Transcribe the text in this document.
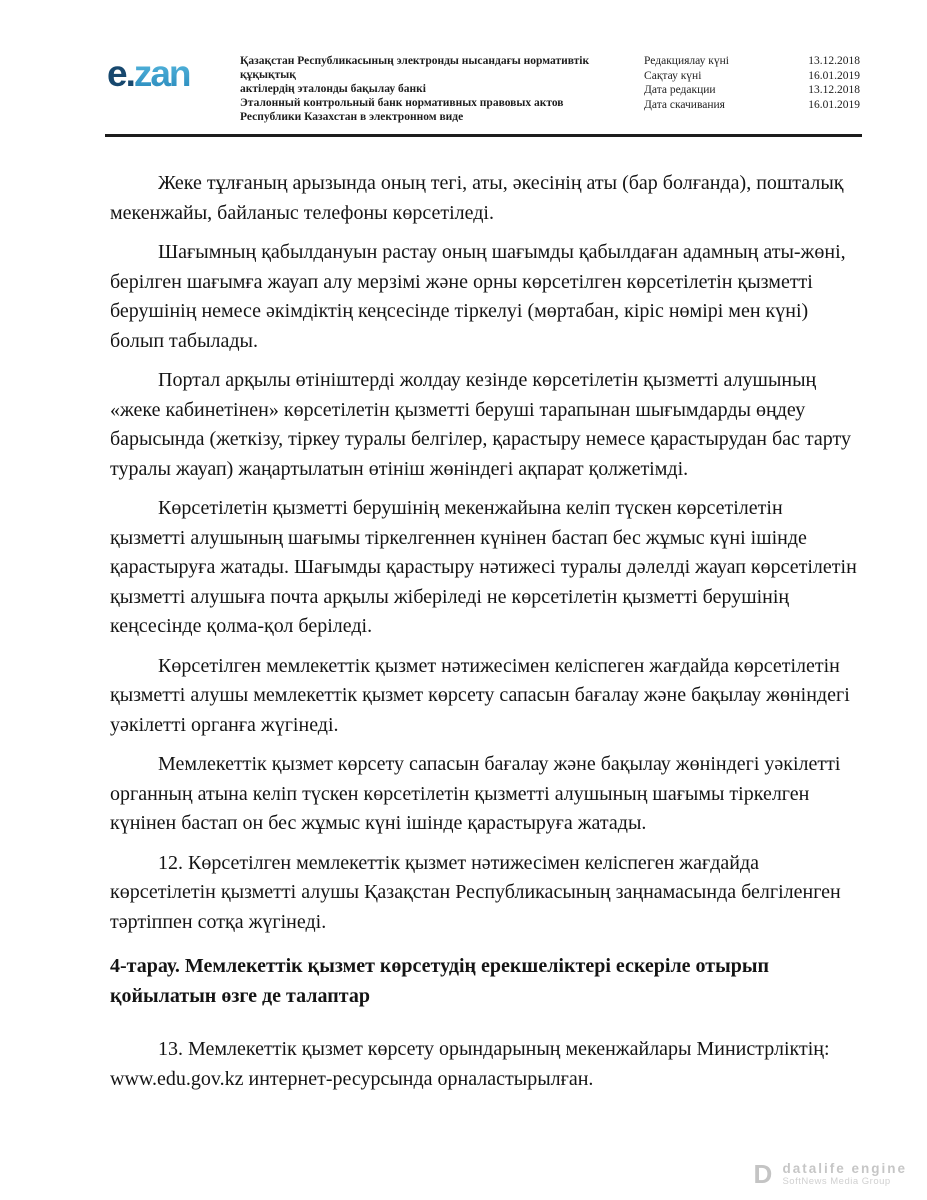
e.zan	Қазақстан Республикасының электронды нысандағы нормативтік құқықтық
актілердің эталонды бақылау банкі
Эталонный контрольный банк нормативных правовых актов
Республики Казахстан в электронном виде
Редакциялау күні	13.12.2018
Сақтау күні	16.01.2019
Дата редакции	13.12.2018
Дата скачивания	16.01.2019

Жеке тұлғаның арызында оның тегі, аты, әкесінің аты (бар болғанда), пошталық мекенжайы, байланыс телефоны көрсетіледі.

Шағымның қабылдануын растау оның шағымды қабылдаған адамның аты-жөні, берілген шағымға жауап алу мерзімі және орны көрсетілген көрсетілетін қызметті берушінің немесе әкімдіктің кеңсесінде тіркелуі (мөртабан, кіріс нөмірі мен күні) болып табылады.

Портал арқылы өтініштерді жолдау кезінде көрсетілетін қызметті алушының «жеке кабинетінен» көрсетілетін қызметті беруші тарапынан шығымдарды өңдеу барысында (жеткізу, тіркеу туралы белгілер, қарастыру немесе қарастырудан бас тарту туралы жауап) жаңартылатын өтініш жөніндегі ақпарат қолжетімді.

Көрсетілетін қызметті берушінің мекенжайына келіп түскен көрсетілетін қызметті алушының шағымы тіркелгеннен күнінен бастап бес жұмыс күні ішінде қарастыруға жатады. Шағымды қарастыру нәтижесі туралы дәлелді жауап көрсетілетін қызметті алушыға почта арқылы жіберіледі не көрсетілетін қызметті берушінің кеңсесінде қолма-қол беріледі.

Көрсетілген мемлекеттік қызмет нәтижесімен келіспеген жағдайда көрсетілетін қызметті алушы мемлекеттік қызмет көрсету сапасын бағалау және бақылау жөніндегі уәкілетті органға жүгінеді.

Мемлекеттік қызмет көрсету сапасын бағалау және бақылау жөніндегі уәкілетті органның атына келіп түскен көрсетілетін қызметті алушының шағымы тіркелген күнінен бастап он бес жұмыс күні ішінде қарастыруға жатады.

12. Көрсетілген мемлекеттік қызмет нәтижесімен келіспеген жағдайда көрсетілетін қызметті алушы Қазақстан Республикасының заңнамасында белгіленген тәртіппен сотқа жүгінеді.

4-тарау. Мемлекеттік қызмет көрсетудің ерекшеліктері ескеріле отырып қойылатын өзге де талаптар

13. Мемлекеттік қызмет көрсету орындарының мекенжайлары Министрліктің: www.edu.gov.kz интернет-ресурсында орналастырылған.

D datalife engine
SoftNews Media Group
